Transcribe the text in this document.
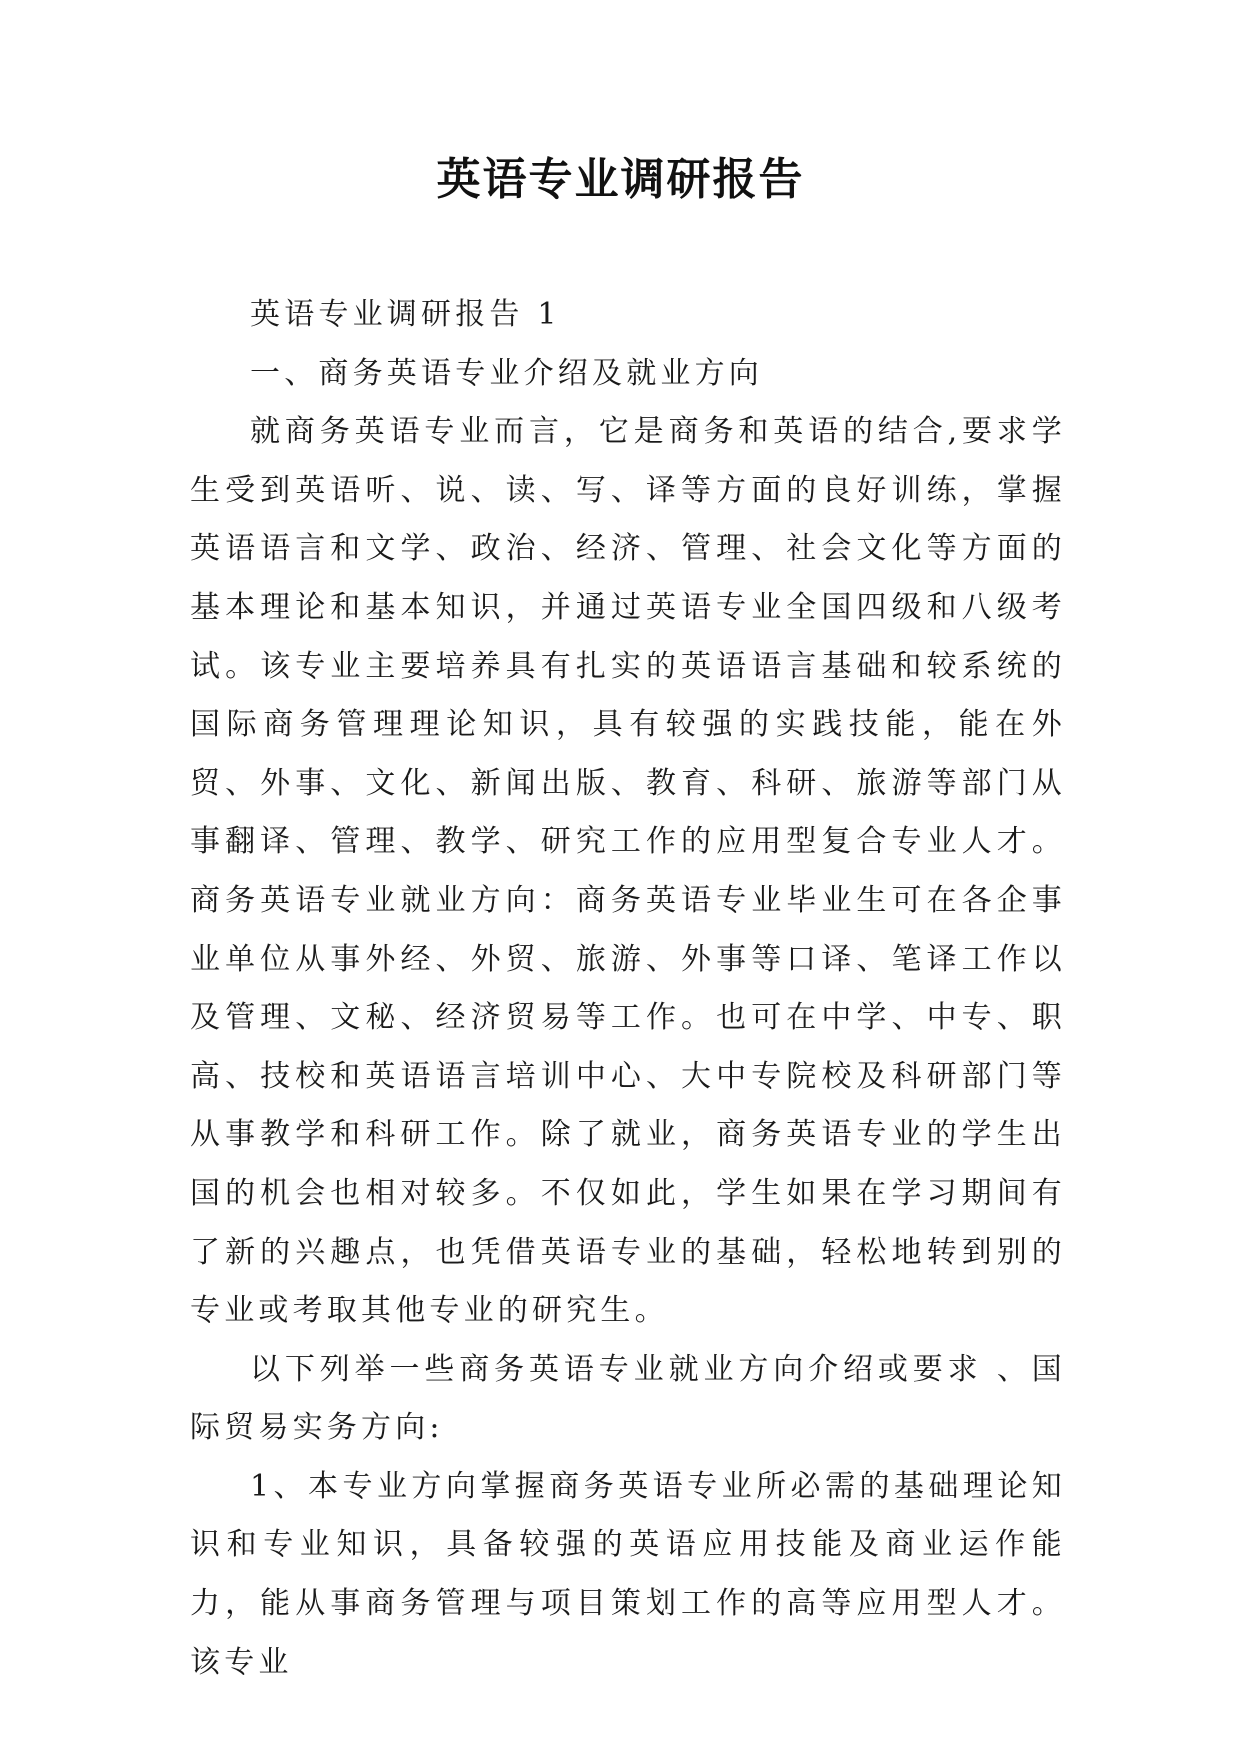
英语专业调研报告

英语专业调研报告 1

一、商务英语专业介绍及就业方向

就商务英语专业而言，它是商务和英语的结合,要求学生受到英语听、说、读、写、译等方面的良好训练，掌握英语语言和文学、政治、经济、管理、社会文化等方面的基本理论和基本知识，并通过英语专业全国四级和八级考试。该专业主要培养具有扎实的英语语言基础和较系统的国际商务管理理论知识，具有较强的实践技能，能在外贸、外事、文化、新闻出版、教育、科研、旅游等部门从事翻译、管理、教学、研究工作的应用型复合专业人才。商务英语专业就业方向：商务英语专业毕业生可在各企事业单位从事外经、外贸、旅游、外事等口译、笔译工作以及管理、文秘、经济贸易等工作。也可在中学、中专、职高、技校和英语语言培训中心、大中专院校及科研部门等从事教学和科研工作。除了就业，商务英语专业的学生出国的机会也相对较多。不仅如此，学生如果在学习期间有了新的兴趣点，也凭借英语专业的基础，轻松地转到别的专业或考取其他专业的研究生。

以下列举一些商务英语专业就业方向介绍或要求 、国际贸易实务方向:

1、本专业方向掌握商务英语专业所必需的基础理论知识和专业知识，具备较强的英语应用技能及商业运作能力，能从事商务管理与项目策划工作的高等应用型人才。该专业
